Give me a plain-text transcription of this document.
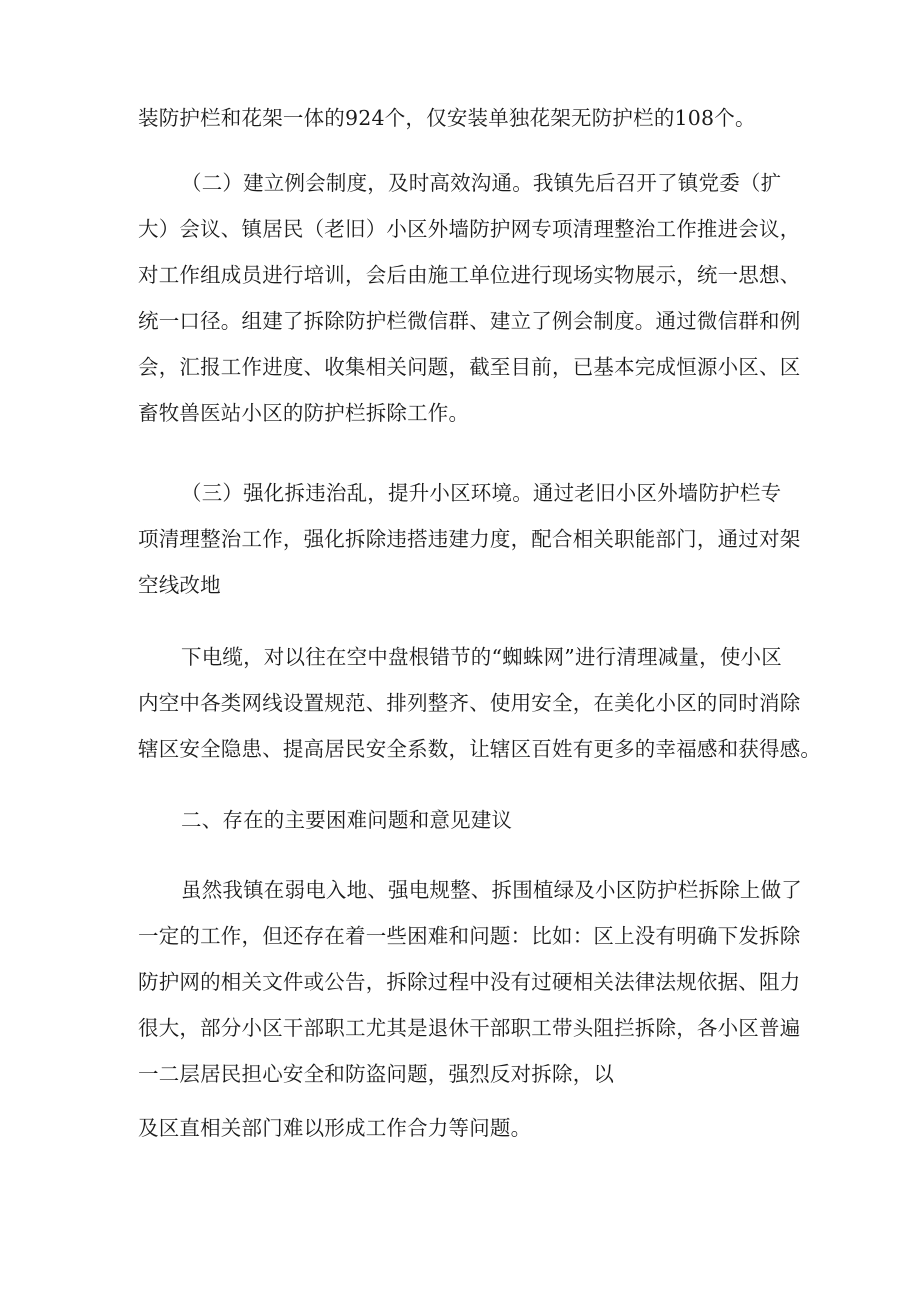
装防护栏和花架一体的924个，仅安装单独花架无防护栏的108个。

（二）建立例会制度，及时高效沟通。我镇先后召开了镇党委（扩

大）会议、镇居民（老旧）小区外墙防护网专项清理整治工作推进会议，

对工作组成员进行培训，会后由施工单位进行现场实物展示，统一思想、

统一口径。组建了拆除防护栏微信群、建立了例会制度。通过微信群和例

会，汇报工作进度、收集相关问题，截至目前，已基本完成恒源小区、区

畜牧兽医站小区的防护栏拆除工作。

（三）强化拆违治乱，提升小区环境。通过老旧小区外墙防护栏专

项清理整治工作，强化拆除违搭违建力度，配合相关职能部门，通过对架

空线改地

下电缆，对以往在空中盘根错节的“蜘蛛网”进行清理减量，使小区

内空中各类网线设置规范、排列整齐、使用安全，在美化小区的同时消除

辖区安全隐患、提高居民安全系数，让辖区百姓有更多的幸福感和获得感。

二、存在的主要困难问题和意见建议

虽然我镇在弱电入地、强电规整、拆围植绿及小区防护栏拆除上做了

一定的工作，但还存在着一些困难和问题：比如：区上没有明确下发拆除

防护网的相关文件或公告，拆除过程中没有过硬相关法律法规依据、阻力

很大，部分小区干部职工尤其是退休干部职工带头阻拦拆除，各小区普遍

一二层居民担心安全和防盗问题，强烈反对拆除，以

及区直相关部门难以形成工作合力等问题。
